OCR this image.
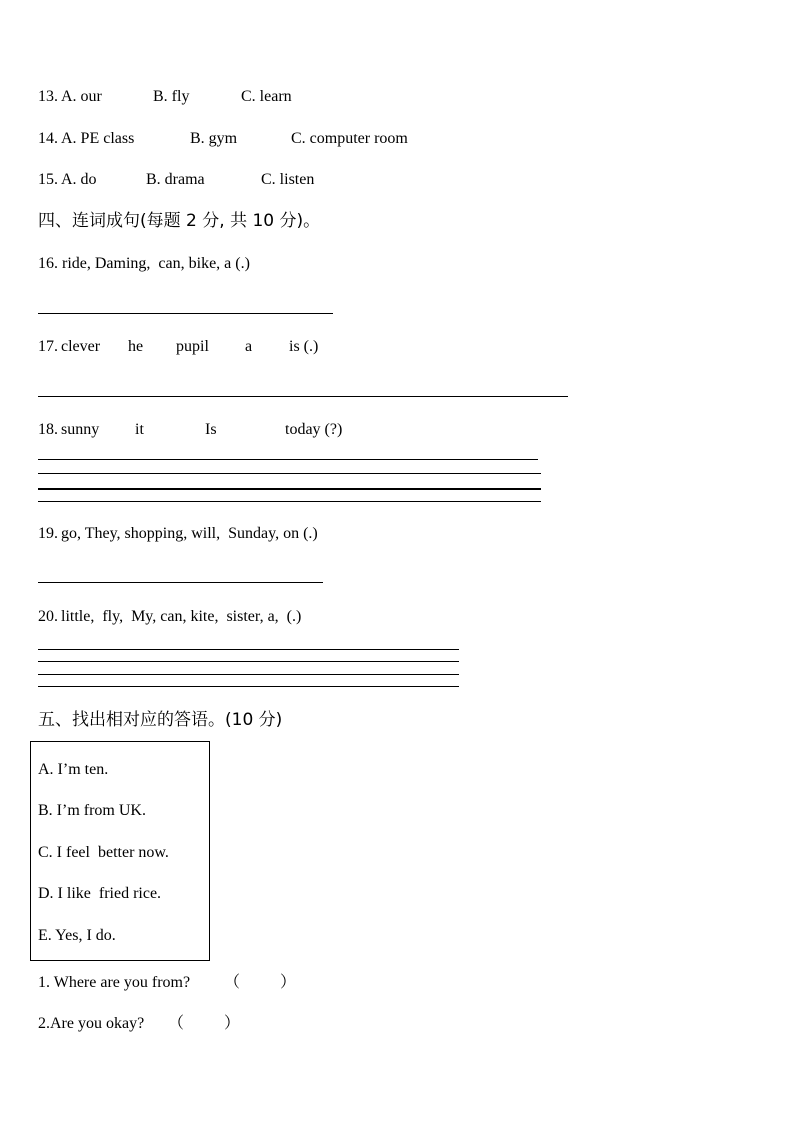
13. A. our	B. fly	C. learn
14. A. PE class	B. gym	C. computer room
15. A. do	B. drama	C. listen
四、连词成句(每题 2 分, 共 10 分)。
16. ride, Daming,  can, bike, a (.)
17. clever he pupil a is (.)
18. sunny it	Is	today (?)
19. go, They, shopping, will,  Sunday, on (.)
20. little,  fly,  My, can, kite,  sister, a,  (.)
五、找出相对应的答语。(10 分)
A. I’m ten.
B. I’m from UK.
C. I feel  better now.
D. I like  fried rice.
E. Yes, I do.
1. Where are you from? （          ）
2.Are you okay? （          ）
